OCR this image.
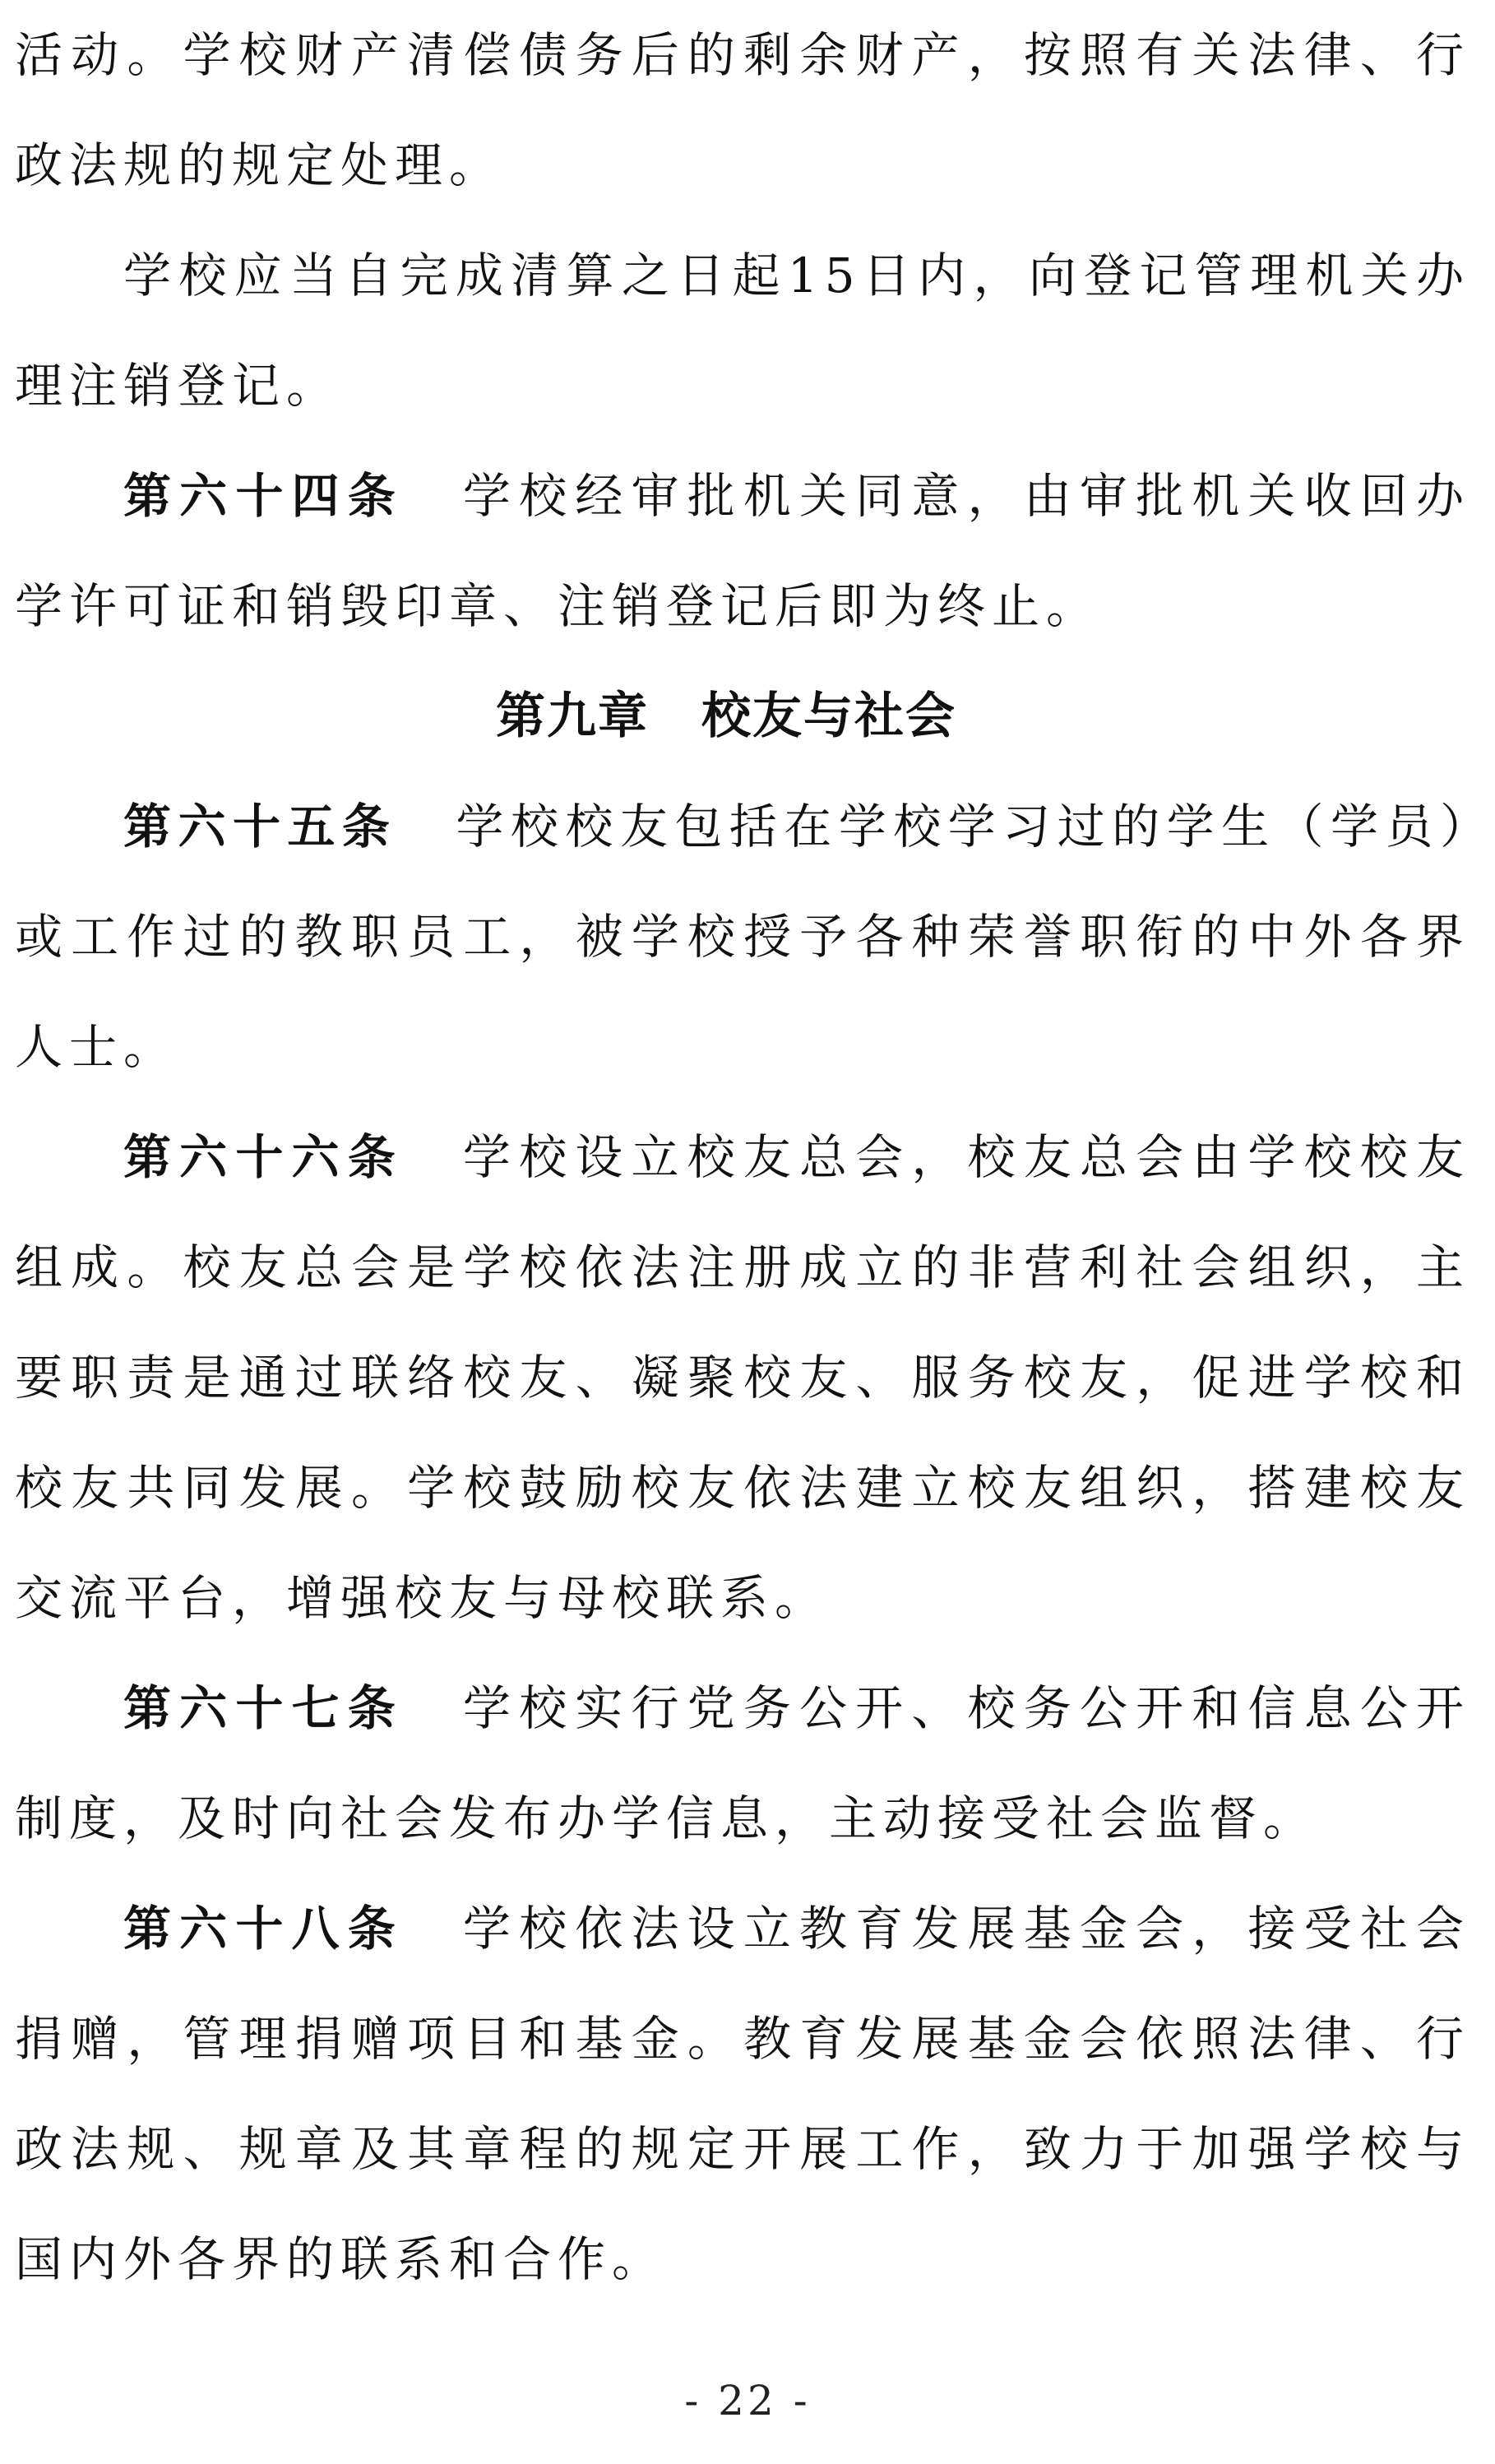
活动。学校财产清偿债务后的剩余财产，按照有关法律、行政法规的规定处理。

学校应当自完成清算之日起15日内，向登记管理机关办理注销登记。

第六十四条 学校经审批机关同意，由审批机关收回办学许可证和销毁印章、注销登记后即为终止。

第九章 校友与社会

第六十五条 学校校友包括在学校学习过的学生（学员）或工作过的教职员工，被学校授予各种荣誉职衔的中外各界人士。

第六十六条 学校设立校友总会，校友总会由学校校友组成。校友总会是学校依法注册成立的非营利社会组织，主要职责是通过联络校友、凝聚校友、服务校友，促进学校和校友共同发展。学校鼓励校友依法建立校友组织，搭建校友交流平台，增强校友与母校联系。

第六十七条 学校实行党务公开、校务公开和信息公开制度，及时向社会发布办学信息，主动接受社会监督。

第六十八条 学校依法设立教育发展基金会，接受社会捐赠，管理捐赠项目和基金。教育发展基金会依照法律、行政法规、规章及其章程的规定开展工作，致力于加强学校与国内外各界的联系和合作。

- 22 -
